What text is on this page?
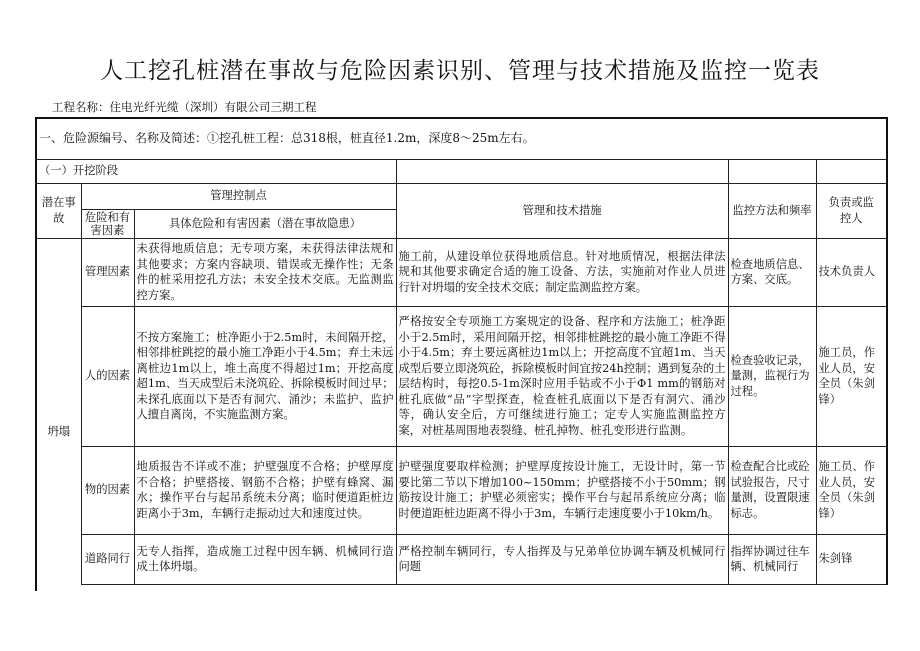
人工挖孔桩潜在事故与危险因素识别、管理与技术措施及监控一览表
工程名称：住电光纤光缆（深圳）有限公司三期工程
一、危险源编号、名称及简述：①挖孔桩工程：总318根，桩直径1.2m，深度8～25m左右。					
（一）开挖阶段					
潜在事故	管理控制点		管理和技术措施	监控方法和频率	负责或监控人
	危险和有害因素	具体危险和有害因素（潜在事故隐患）			
坍塌	管理因素	未获得地质信息；无专项方案，未获得法律法规和其他要求；方案内容缺项、错误或无操作性；无条件的桩采用挖孔方法；未安全技术交底。无监测监控方案。	施工前，从建设单位获得地质信息。针对地质情况，根据法律法规和其他要求确定合适的施工设备、方法，实施前对作业人员进行针对坍塌的安全技术交底；制定监测监控方案。	检查地质信息、方案、交底。	技术负责人
	人的因素	不按方案施工；桩净距小于2.5m时，未间隔开挖，相邻排桩跳挖的最小施工净距小于4.5m；弃土未远离桩边1m以上，堆土高度不得超过1m；开挖高度超1m、当天成型后未浇筑砼、拆除模板时间过早；未探孔底面以下是否有洞穴、涌沙；未监护、监护人擅自离岗，不实施监测方案。	严格按安全专项施工方案规定的设备、程序和方法施工；桩净距小于2.5m时，采用间隔开挖，相邻排桩跳挖的最小施工净距不得小于4.5m；弃土要远离桩边1m以上；开挖高度不宜超1m、当天成型后要立即浇筑砼，拆除模板时间宜按24h控制；遇到复杂的土层结构时，每挖0.5-1m深时应用手钻或不小于Φ1 mm的钢筋对桩孔底做“品”字型探查，检查桩孔底面以下是否有洞穴、涌沙等，确认安全后，方可继续进行施工；定专人实施监测监控方案，对桩基周围地表裂缝、桩孔掉物、桩孔变形进行监测。	检查验收记录，量测，监视行为过程。	施工员，作业人员，安全员（朱剑锋）
	物的因素	地质报告不详或不准；护壁强度不合格；护壁厚度不合格；护壁搭接、钢筋不合格；护壁有蜂窝、漏水；操作平台与起吊系统未分离；临时便道距桩边距离小于3m，车辆行走振动过大和速度过快。	护壁强度要取样检测；护壁厚度按设计施工，无设计时，第一节要比第二节以下增加100~150mm；护壁搭接不小于50mm；钢筋按设计施工；护壁必须密实；操作平台与起吊系统应分离；临时便道距桩边距离不得小于3m，车辆行走速度要小于10km/h。	检查配合比或砼试验报告，尺寸量测，设置限速标志。	施工员、作业人员，安全员（朱剑锋）
	道路同行	无专人指挥，造成施工过程中因车辆、机械同行造成土体坍塌。	严格控制车辆同行，专人指挥及与兄弟单位协调车辆及机械同行问题	指挥协调过往车辆、机械同行	朱剑锋
